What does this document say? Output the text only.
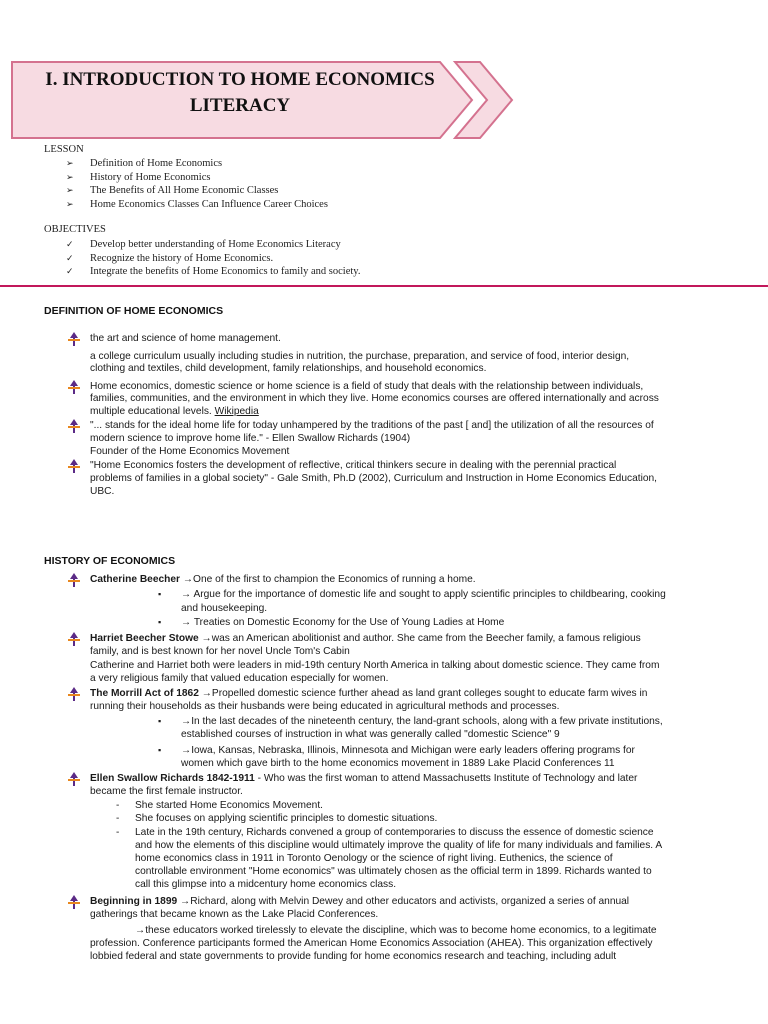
I. INTRODUCTION TO HOME ECONOMICS
LITERACY
LESSON
➢ Definition of Home Economics
➢ History of Home Economics
➢ The Benefits of All Home Economic Classes
➢ Home Economics Classes Can Influence Career Choices
OBJECTIVES
✓ Develop better understanding of Home Economics Literacy
✓ Recognize the history of Home Economics.
✓ Integrate the benefits of Home Economics to family and society.
DEFINITION OF HOME ECONOMICS
the art and science of home management.
a college curriculum usually including studies in nutrition, the purchase, preparation, and service of food, interior design,
clothing and textiles, child development, family relationships, and household economics.
Home economics, domestic science or home science is a field of study that deals with the relationship between individuals,
families, communities, and the environment in which they live. Home economics courses are offered internationally and across
multiple educational levels. Wikipedia
"... stands for the ideal home life for today unhampered by the traditions of the past [ and] the utilization of all the resources of
modern science to improve home life." - Ellen Swallow Richards (1904)
Founder of the Home Economics Movement
"Home Economics fosters the development of reflective, critical thinkers secure in dealing with the perennial practical
problems of families in a global society" - Gale Smith, Ph.D (2002), Curriculum and Instruction in Home Economics Education,
UBC.
HISTORY OF ECONOMICS
Catherine Beecher →One of the first to champion the Economics of running a home.
▪ → Argue for the importance of domestic life and sought to apply scientific principles to childbearing, cooking
and housekeeping.
▪ → Treaties on Domestic Economy for the Use of Young Ladies at Home
Harriet Beecher Stowe →was an American abolitionist and author. She came from the Beecher family, a famous religious
family, and is best known for her novel Uncle Tom's Cabin
Catherine and Harriet both were leaders in mid-19th century North America in talking about domestic science. They came from
a very religious family that valued education especially for women.
The Morrill Act of 1862 →Propelled domestic science further ahead as land grant colleges sought to educate farm wives in
running their households as their husbands were being educated in agricultural methods and processes.
▪ →In the last decades of the nineteenth century, the land-grant schools, along with a few private institutions,
established courses of instruction in what was generally called "domestic Science" 9
▪ →Iowa, Kansas, Nebraska, Illinois, Minnesota and Michigan were early leaders offering programs for
women which gave birth to the home economics movement in 1889 Lake Placid Conferences 11
Ellen Swallow Richards 1842-1911 - Who was the first woman to attend Massachusetts Institute of Technology and later
became the first female instructor.
- She started Home Economics Movement.
- She focuses on applying scientific principles to domestic situations.
- Late in the 19th century, Richards convened a group of contemporaries to discuss the essence of domestic science
and how the elements of this discipline would ultimately improve the quality of life for many individuals and families. A
home economics class in 1911 in Toronto Oenology or the science of right living. Euthenics, the science of
controllable environment "Home economics" was ultimately chosen as the official term in 1899. Richards wanted to
call this glimpse into a midcentury home economics class.
Beginning in 1899 →Richard, along with Melvin Dewey and other educators and activists, organized a series of annual
gatherings that became known as the Lake Placid Conferences.
→these educators worked tirelessly to elevate the discipline, which was to become home economics, to a legitimate
profession. Conference participants formed the American Home Economics Association (AHEA). This organization effectively
lobbied federal and state governments to provide funding for home economics research and teaching, including adult
